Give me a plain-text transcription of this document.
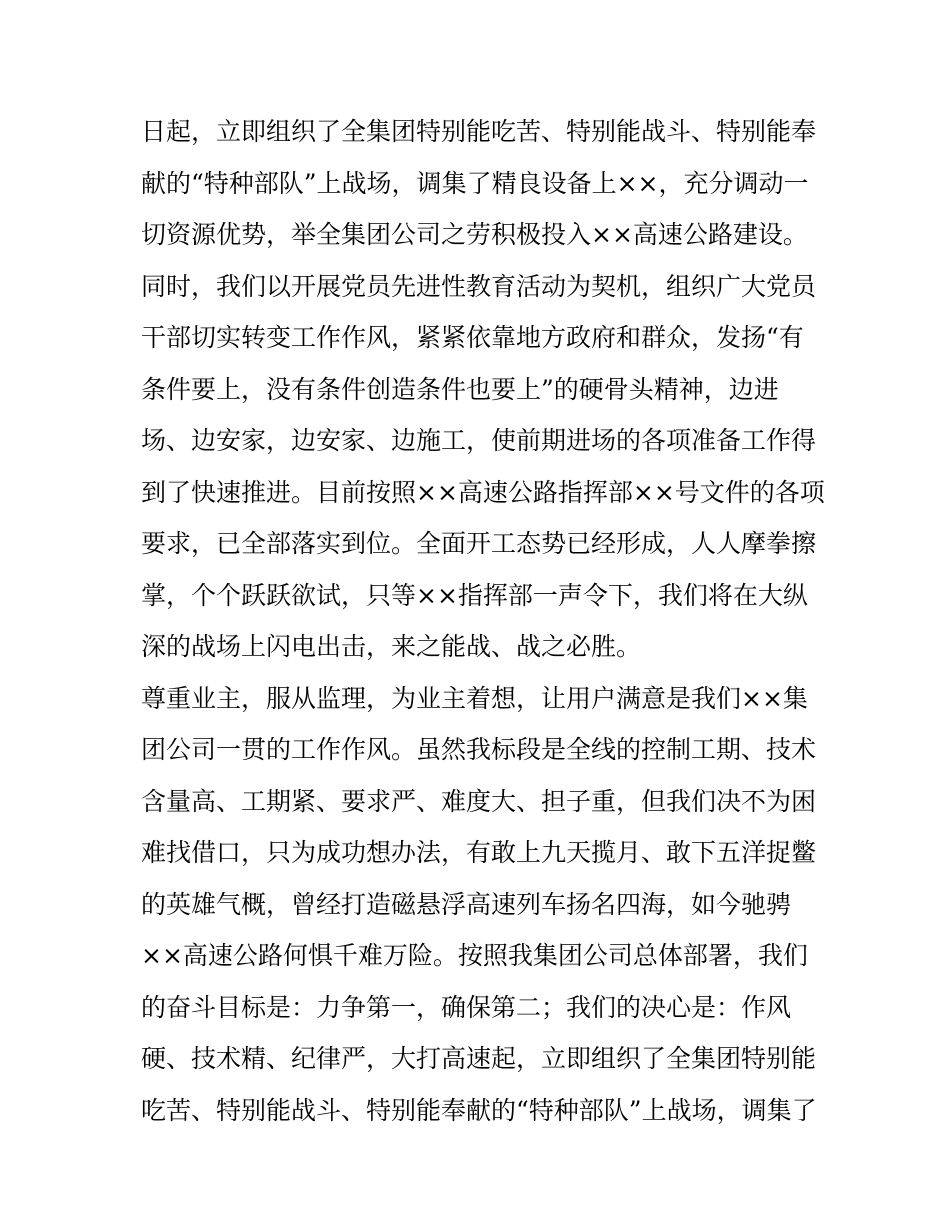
日起，立即组织了全集团特别能吃苦、特别能战斗、特别能奉
献的“特种部队”上战场，调集了精良设备上××，充分调动一
切资源优势，举全集团公司之劳积极投入××高速公路建设。
同时，我们以开展党员先进性教育活动为契机，组织广大党员
干部切实转变工作作风，紧紧依靠地方政府和群众，发扬“有
条件要上，没有条件创造条件也要上”的硬骨头精神，边进
场、边安家，边安家、边施工，使前期进场的各项准备工作得
到了快速推进。目前按照××高速公路指挥部××号文件的各项
要求，已全部落实到位。全面开工态势已经形成，人人摩拳擦
掌，个个跃跃欲试，只等××指挥部一声令下，我们将在大纵
深的战场上闪电出击，来之能战、战之必胜。
尊重业主，服从监理，为业主着想，让用户满意是我们××集
团公司一贯的工作作风。虽然我标段是全线的控制工期、技术
含量高、工期紧、要求严、难度大、担子重，但我们决不为困
难找借口，只为成功想办法，有敢上九天揽月、敢下五洋捉鳖
的英雄气概，曾经打造磁悬浮高速列车扬名四海，如今驰骋
××高速公路何惧千难万险。按照我集团公司总体部署，我们
的奋斗目标是：力争第一，确保第二；我们的决心是：作风
硬、技术精、纪律严，大打高速起，立即组织了全集团特别能
吃苦、特别能战斗、特别能奉献的“特种部队”上战场，调集了
